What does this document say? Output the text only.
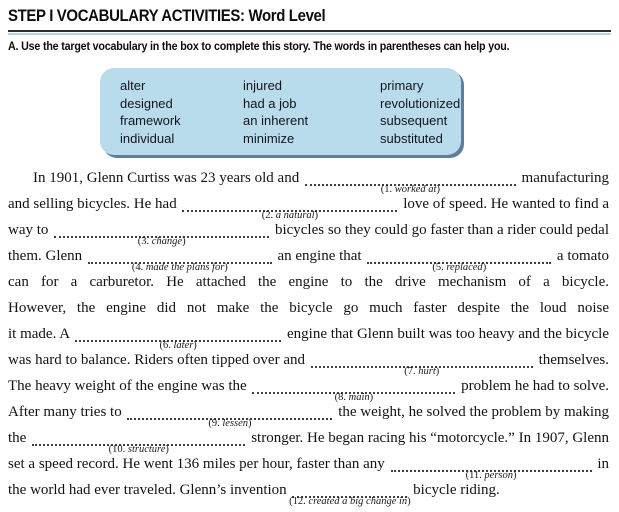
STEP I VOCABULARY ACTIVITIES: Word Level
A. Use the target vocabulary in the box to complete this story. The words in parentheses can help you.
alter
designed
framework
individual
injured
had a job
an inherent
minimize
primary
revolutionized
subsequent
substituted
In 1901, Glenn Curtiss was 23 years old and
(1. worked at)
manufacturing
and selling bicycles. He had
(2. a natural)
love of speed. He wanted to find a
way to
(3. change)
bicycles so they could go faster than a rider could pedal
them. Glenn
(4. made the plans for)
an engine that
(5. replaced)
a tomato
can for a carburetor. He attached the engine to the drive mechanism of a bicycle.
However, the engine did not make the bicycle go much faster despite the loud noise
it made. A
(6. later)
engine that Glenn built was too heavy and the bicycle
was hard to balance. Riders often tipped over and
(7. hurt)
themselves.
The heavy weight of the engine was the
(8. main)
problem he had to solve.
After many tries to
(9. lessen)
the weight, he solved the problem by making
the
(10. structure)
stronger. He began racing his “motorcycle.” In 1907, Glenn
set a speed record. He went 136 miles per hour, faster than any
(11. person)
in
the world had ever traveled. Glenn’s invention
(12. created a big change in)
bicycle riding.
